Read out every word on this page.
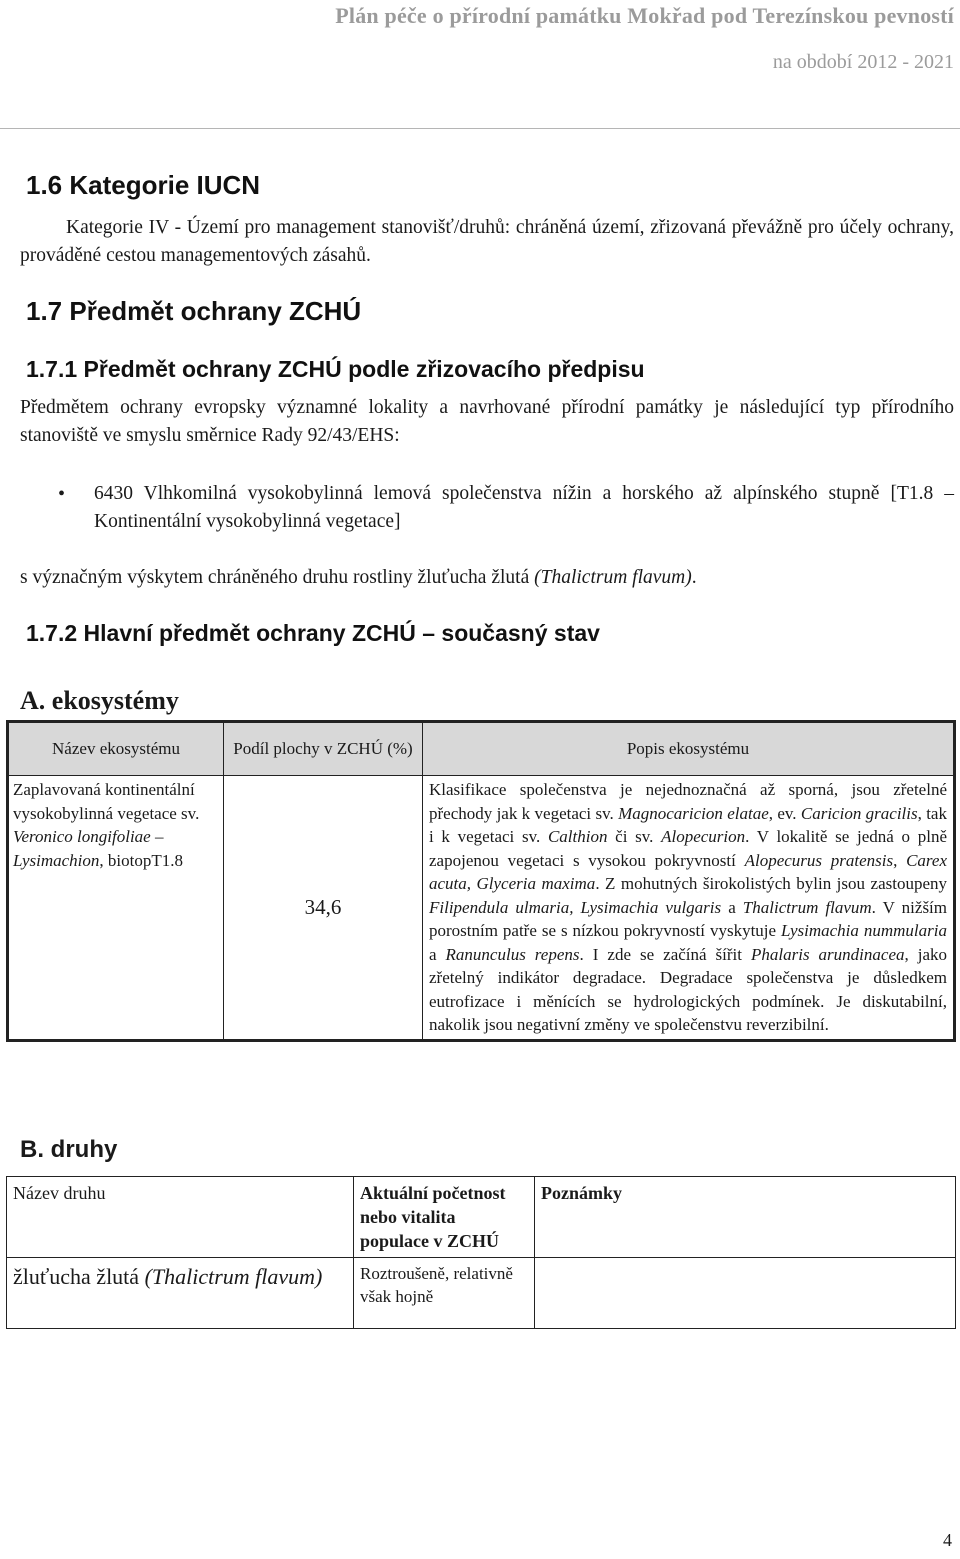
Plán péče o přírodní památku Mokřad pod Terezínskou pevností
na období 2012 - 2021
1.6 Kategorie IUCN

Kategorie IV - Území pro management stanovišť/druhů: chráněná území, zřizovaná převážně pro účely ochrany, prováděné cestou managementových zásahů.

1.7 Předmět ochrany ZCHÚ
1.7.1 Předmět ochrany ZCHÚ podle zřizovacího předpisu

Předmětem ochrany evropsky významné lokality a navrhované přírodní památky je následující typ přírodního stanoviště ve smyslu směrnice Rady 92/43/EHS:

• 6430 Vlhkomilná vysokobylinná lemová společenstva nížin a horského až alpínského stupně [T1.8 – Kontinentální vysokobylinná vegetace]

s význačným výskytem chráněného druhu rostliny žluťucha žlutá (Thalictrum flavum).

1.7.2 Hlavní předmět ochrany ZCHÚ – současný stav
A. ekosystémy
Název ekosystému	Podíl plochy v ZCHÚ (%)	Popis ekosystému
Zaplavovaná kontinentální vysokobylinná vegetace sv. Veronico longifoliae – Lysimachion, biotopT1.8	34,6	Klasifikace společenstva je nejednoznačná až sporná, jsou zřetelné přechody jak k vegetaci sv. Magnocaricion elatae, ev. Caricion gracilis, tak i k vegetaci sv. Calthion či sv. Alopecurion. V lokalitě se jedná o plně zapojenou vegetaci s vysokou pokryvností Alopecurus pratensis, Carex acuta, Glyceria maxima. Z mohutných širokolistých bylin jsou zastoupeny Filipendula ulmaria, Lysimachia vulgaris a Thalictrum flavum. V nižším porostním patře se s nízkou pokryvností vyskytuje Lysimachia nummularia a Ranunculus repens. I zde se začíná šířit Phalaris arundinacea, jako zřetelný indikátor degradace. Degradace společenstva je důsledkem eutrofizace i měnících se hydrologických podmínek. Je diskutabilní, nakolik jsou negativní změny ve společenstvu reverzibilní.
B. druhy
Název druhu	Aktuální početnost nebo vitalita populace v ZCHÚ	Poznámky
žluťucha žlutá (Thalictrum flavum)	Roztroušeně, relativně však hojně	
4
